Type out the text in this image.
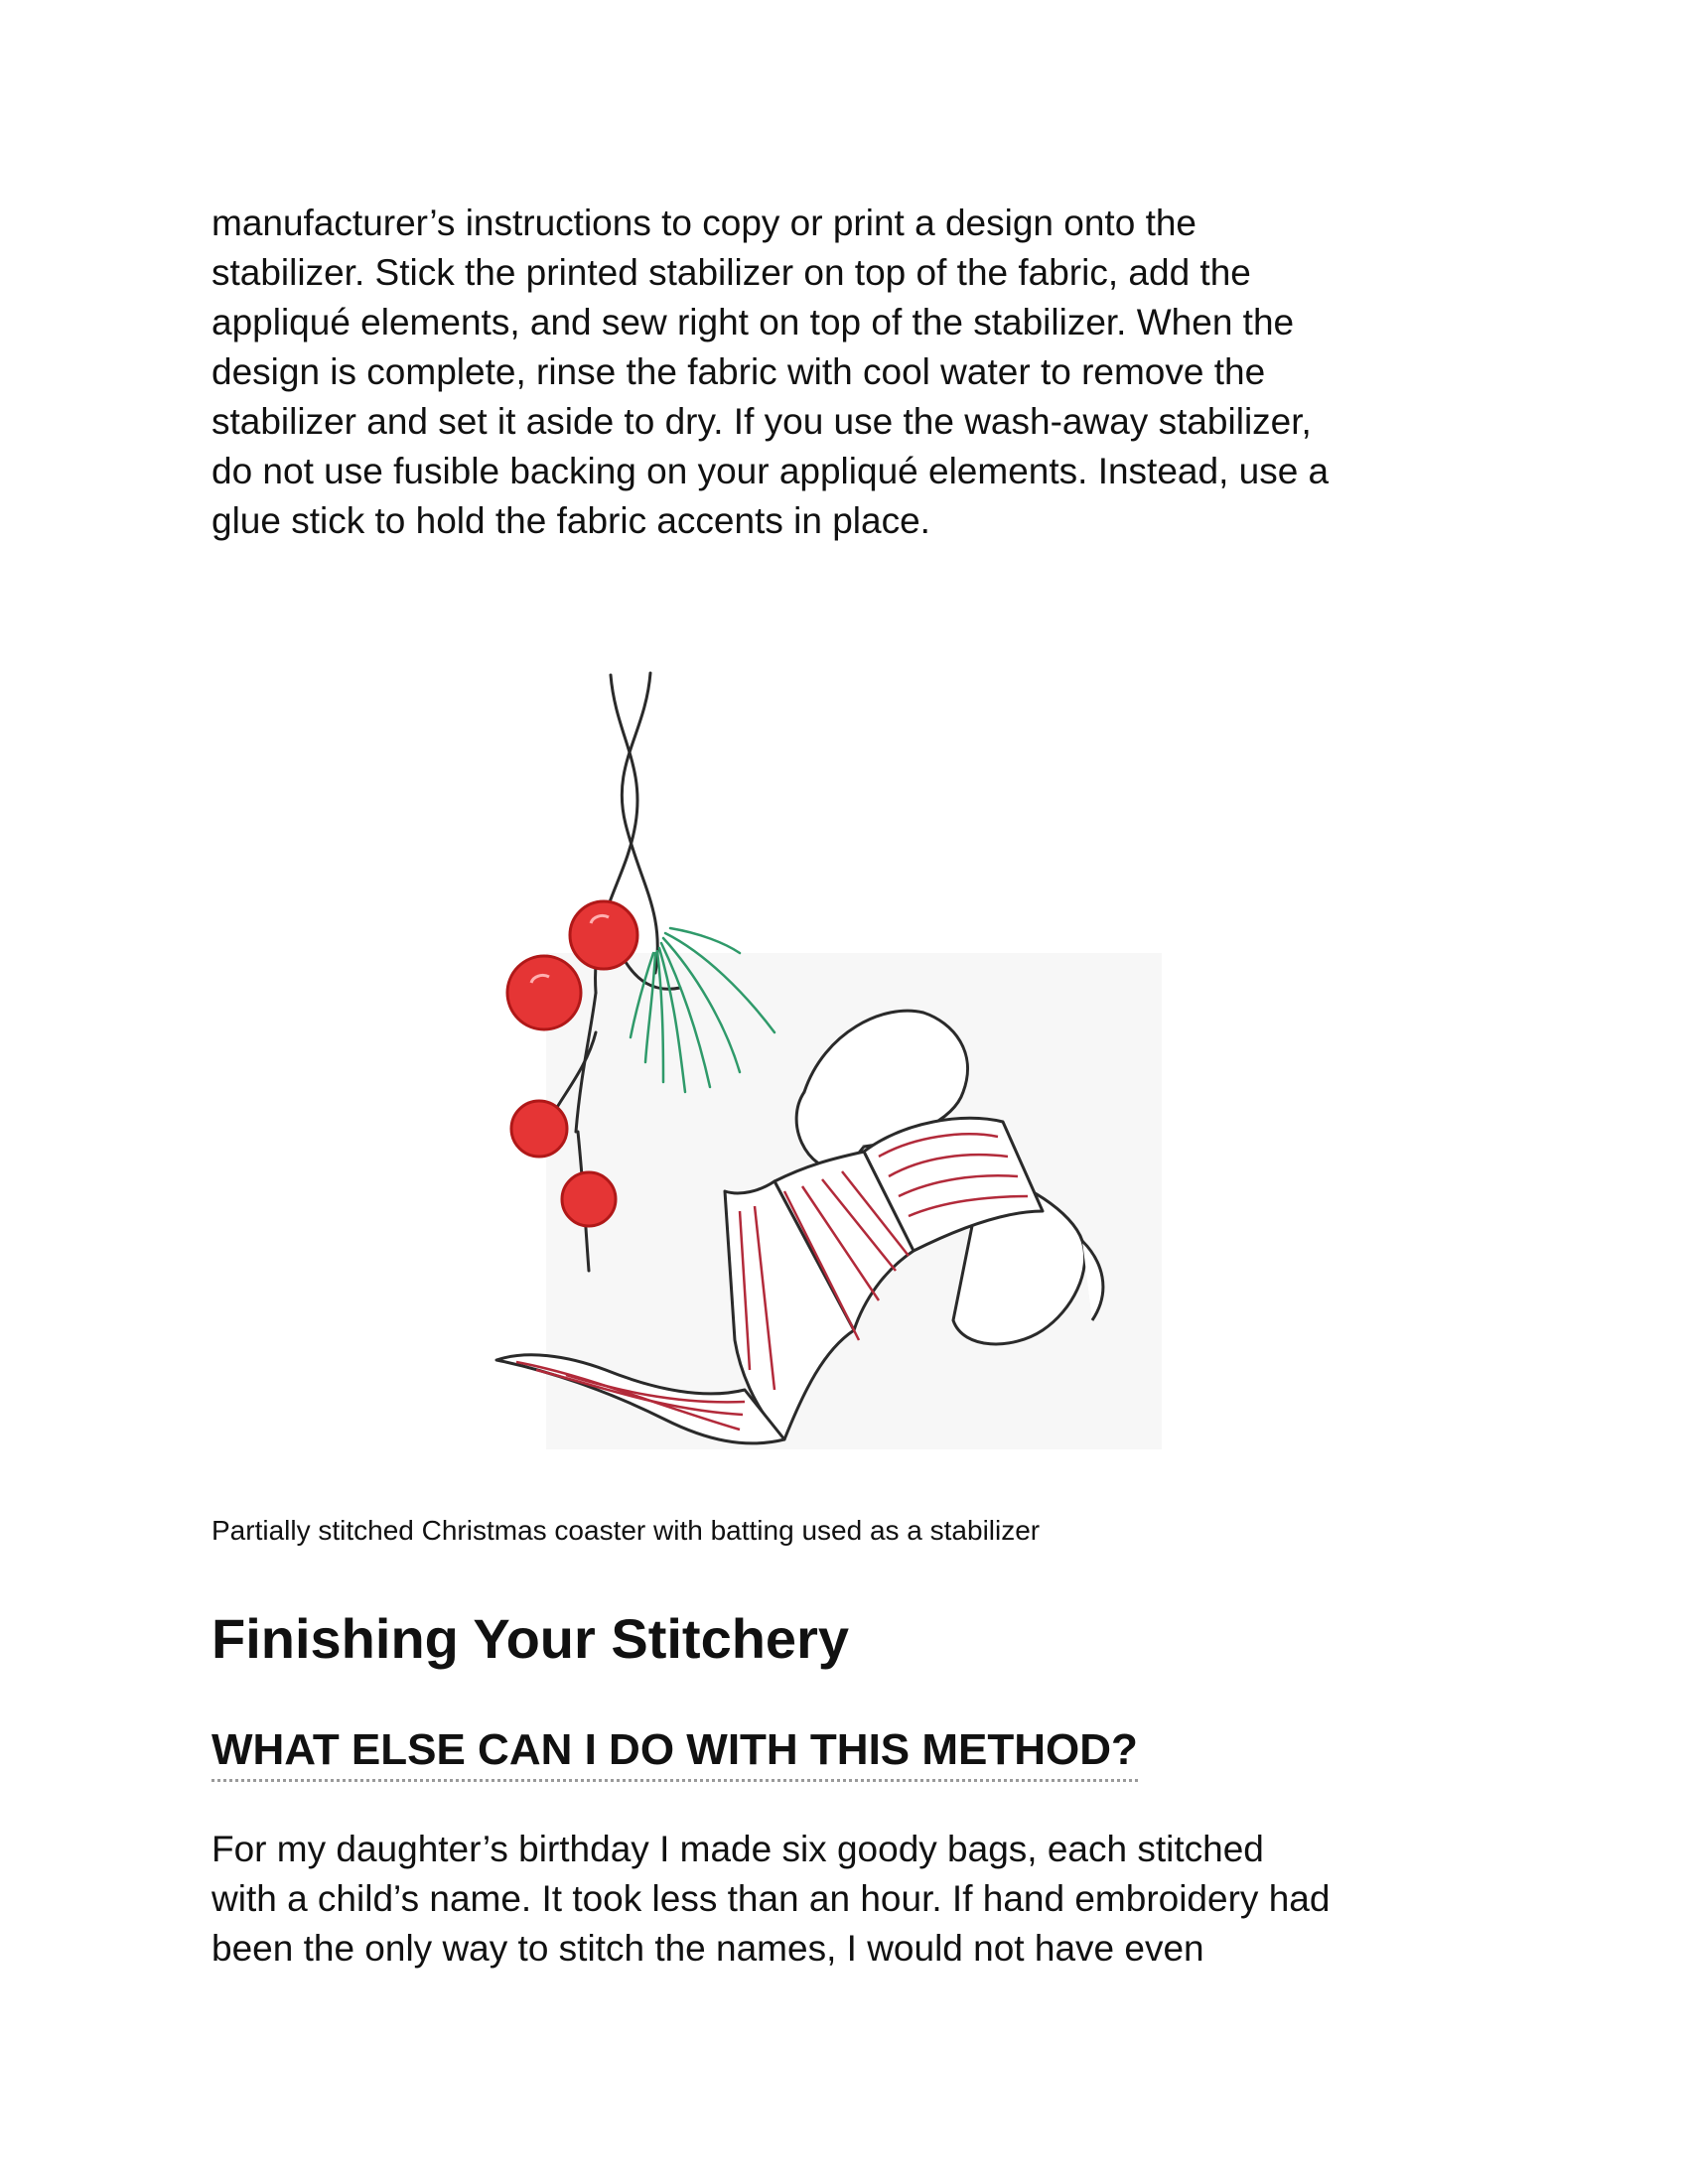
manufacturer’s instructions to copy or print a design onto the
stabilizer. Stick the printed stabilizer on top of the fabric, add the
appliqué elements, and sew right on top of the stabilizer. When the
design is complete, rinse the fabric with cool water to remove the
stabilizer and set it aside to dry. If you use the wash-away stabilizer,
do not use fusible backing on your appliqué elements. Instead, use a
glue stick to hold the fabric accents in place.

Partially stitched Christmas coaster with batting used as a stabilizer
Finishing Your Stitchery
WHAT ELSE CAN I DO WITH THIS METHOD?

For my daughter’s birthday I made six goody bags, each stitched
with a child’s name. It took less than an hour. If hand embroidery had
been the only way to stitch the names, I would not have even
